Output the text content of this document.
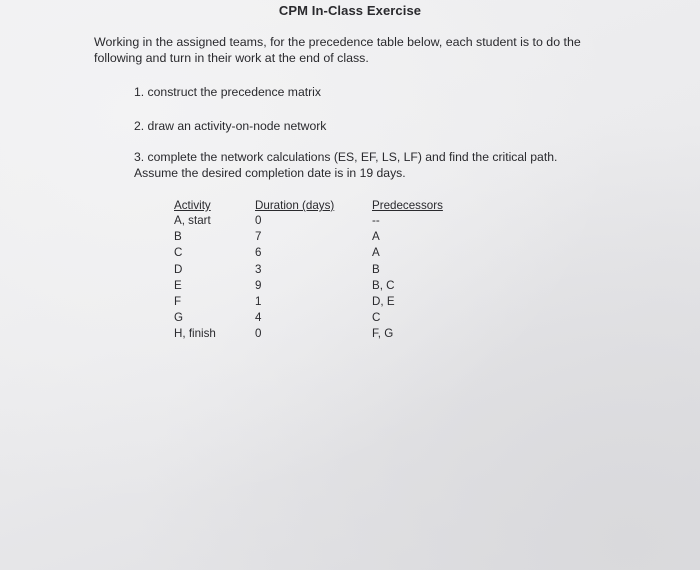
CPM In-Class Exercise
Working in the assigned teams, for the precedence table below, each student is to do the following and turn in their work at the end of class.
1. construct the precedence matrix
2. draw an activity-on-node network
3. complete the network calculations (ES, EF, LS, LF) and find the critical path. Assume the desired completion date is in 19 days.
Activity	Duration (days)	Predecessors
A, start	0	--
B	7	A
C	6	A
D	3	B
E	9	B, C
F	1	D, E
G	4	C
H, finish	0	F, G
